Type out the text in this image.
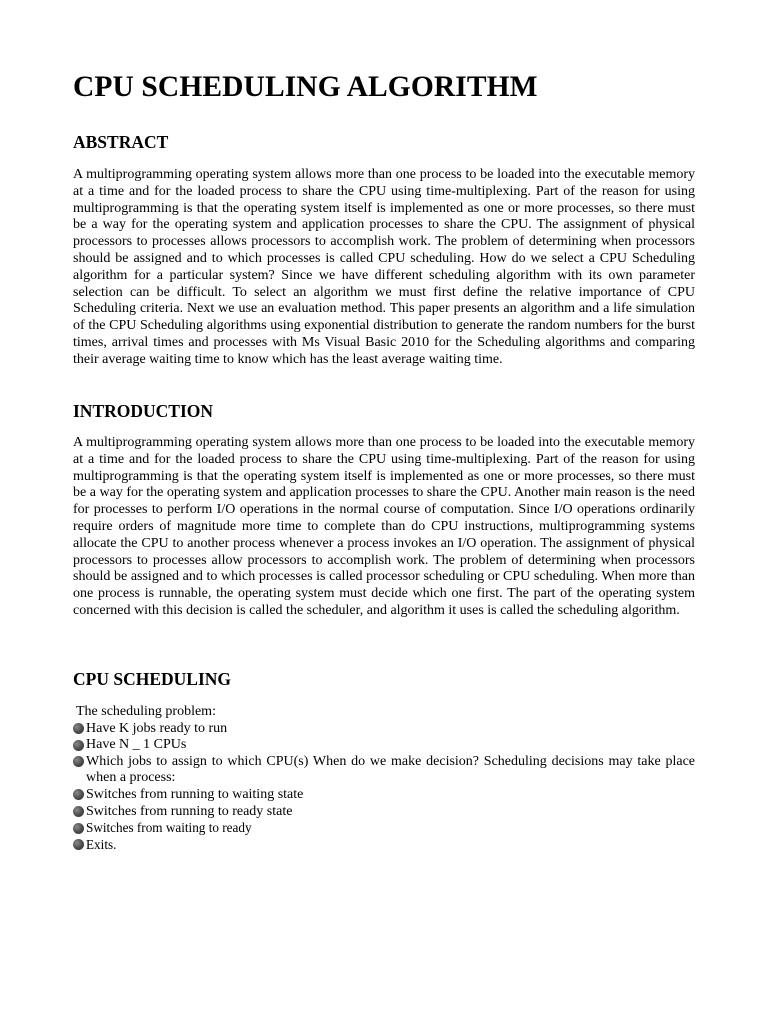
CPU SCHEDULING ALGORITHM
ABSTRACT

A multiprogramming operating system allows more than one process to be loaded into the executable memory at a time and for the loaded process to share the CPU using time-multiplexing. Part of the reason for using multiprogramming is that the operating system itself is implemented as one or more processes, so there must be a way for the operating system and application processes to share the CPU. The assignment of physical processors to processes allows processors to accomplish work. The problem of determining when processors should be assigned and to which processes is called CPU scheduling. How do we select a CPU Scheduling algorithm for a particular system? Since we have different scheduling algorithm with its own parameter selection can be difficult. To select an algorithm we must first define the relative importance of CPU Scheduling criteria. Next we use an evaluation method. This paper presents an algorithm and a life simulation of the CPU Scheduling algorithms using exponential distribution to generate the random numbers for the burst times, arrival times and processes with Ms Visual Basic 2010 for the Scheduling algorithms and comparing their average waiting time to know which has the least average waiting time.

INTRODUCTION

A multiprogramming operating system allows more than one process to be loaded into the executable memory at a time and for the loaded process to share the CPU using time-multiplexing. Part of the reason for using multiprogramming is that the operating system itself is implemented as one or more processes, so there must be a way for the operating system and application processes to share the CPU. Another main reason is the need for processes to perform I/O operations in the normal course of computation. Since I/O operations ordinarily require orders of magnitude more time to complete than do CPU instructions, multiprogramming systems allocate the CPU to another process whenever a process invokes an I/O operation. The assignment of physical processors to processes allow processors to accomplish work. The problem of determining when processors should be assigned and to which processes is called processor scheduling or CPU scheduling. When more than one process is runnable, the operating system must decide which one first. The part of the operating system concerned with this decision is called the scheduler, and algorithm it uses is called the scheduling algorithm.

CPU SCHEDULING

The scheduling problem:

Have K jobs ready to run
Have N _ 1 CPUs
Which jobs to assign to which CPU(s) When do we make decision? Scheduling decisions may take place when a process:
Switches from running to waiting state
Switches from running to ready state
Switches from waiting to ready
Exits.
